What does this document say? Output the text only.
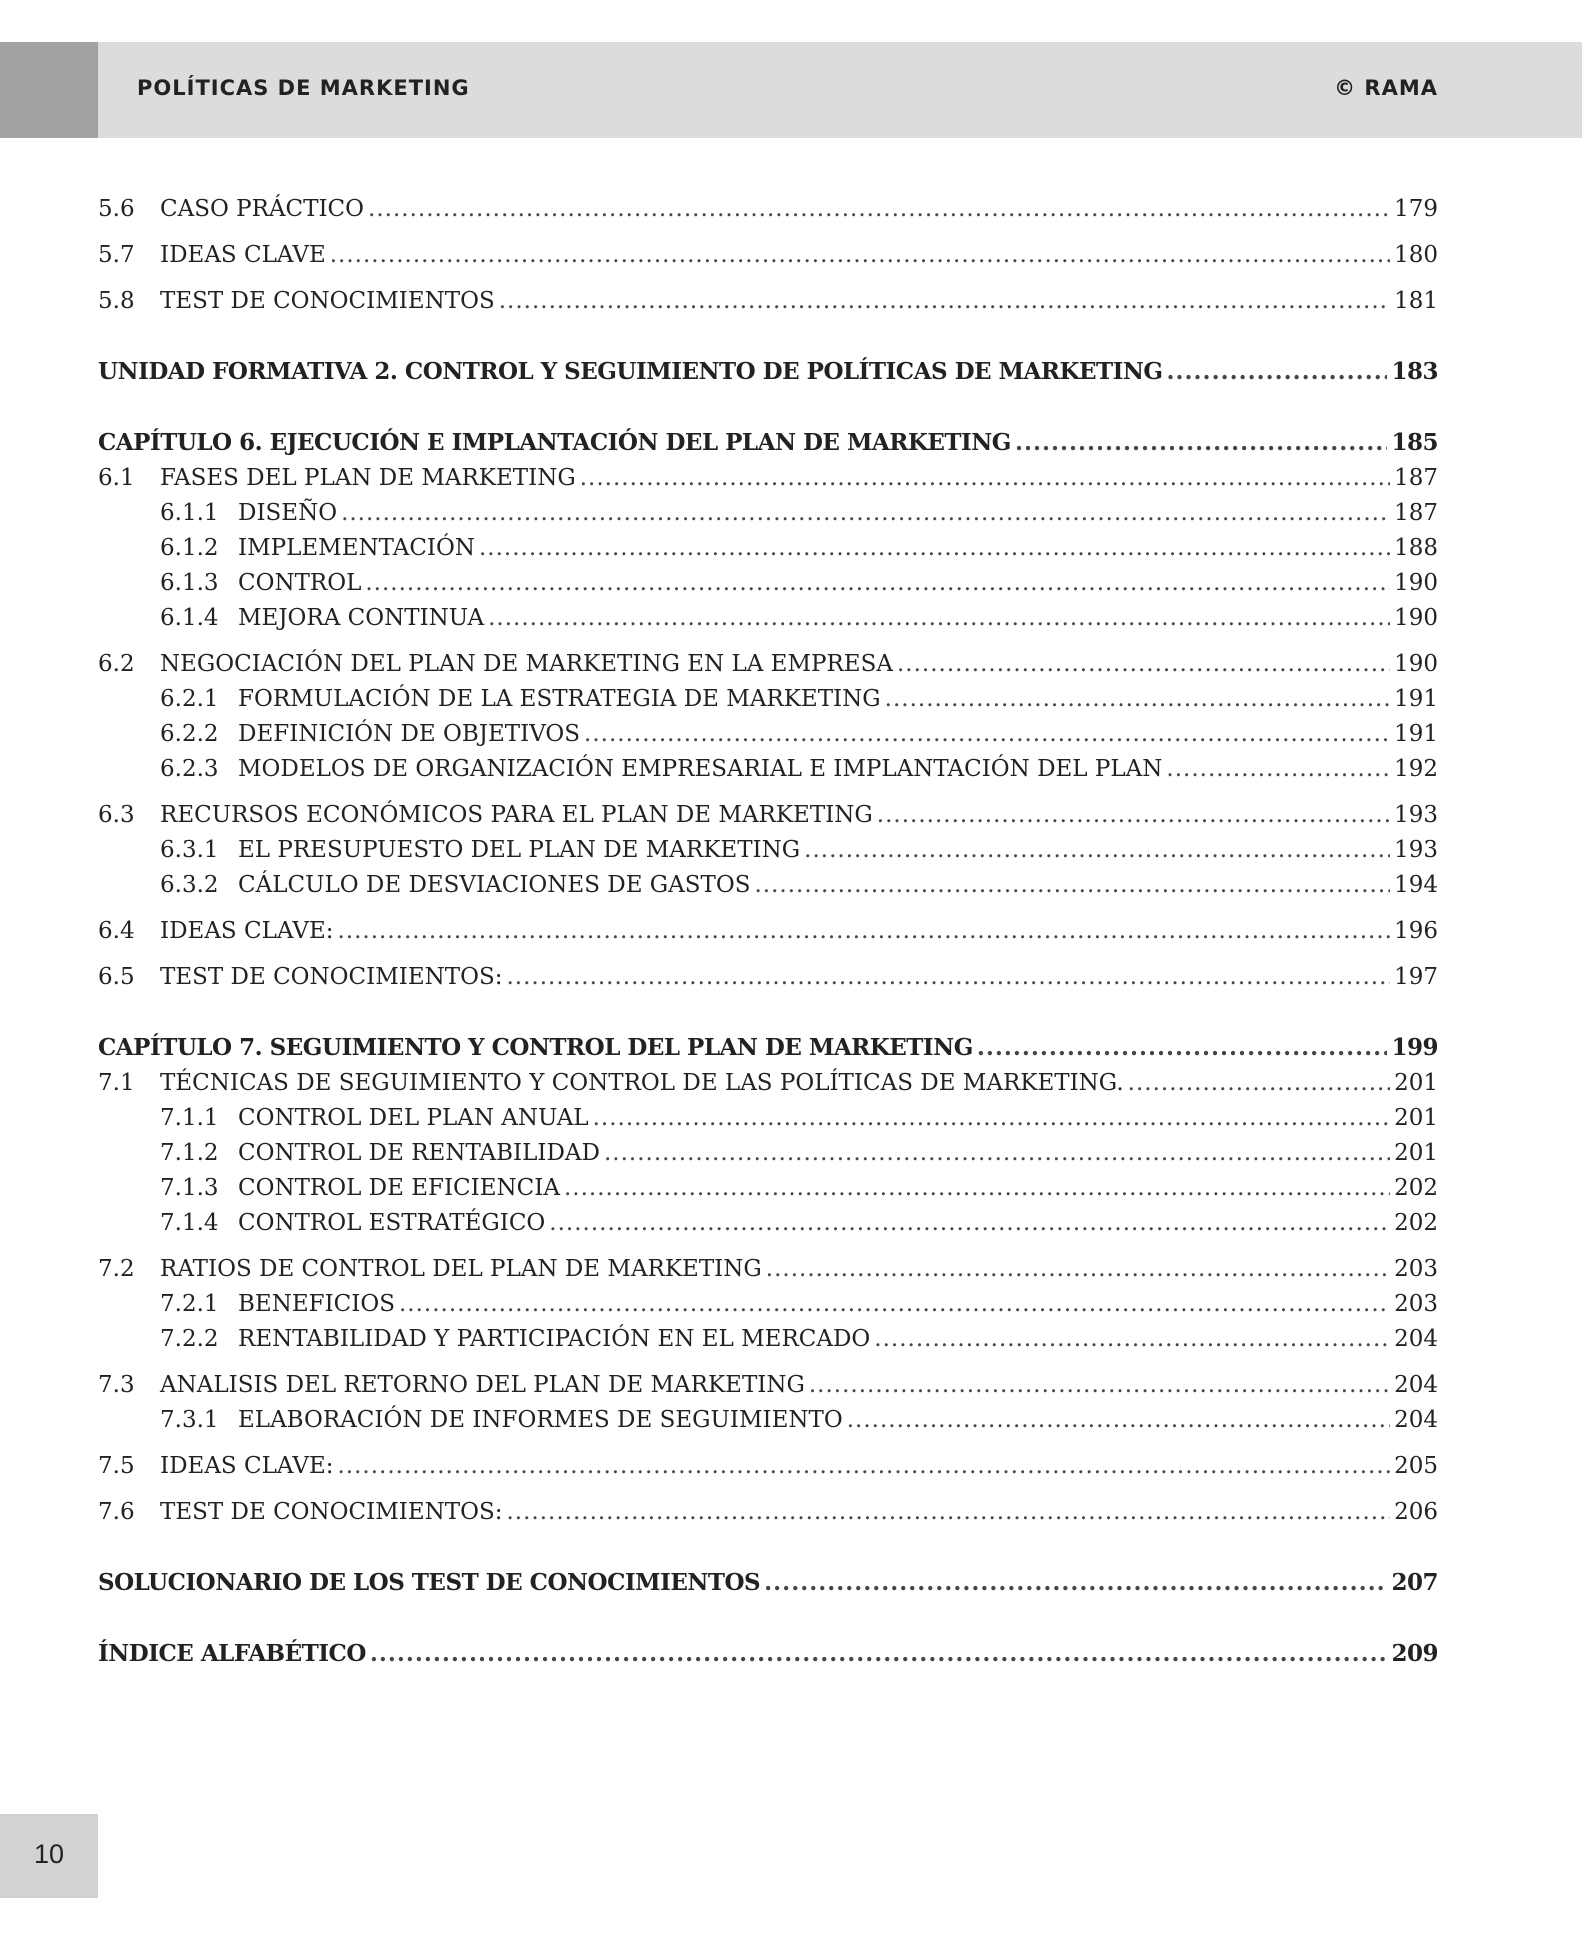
POLÍTICAS DE MARKETING	© RAMA
5.6	CASO PRÁCTICO .....	179
5.7	IDEAS CLAVE .....	180
5.8	TEST DE CONOCIMIENTOS .....	181
UNIDAD FORMATIVA 2. CONTROL Y SEGUIMIENTO DE POLÍTICAS DE MARKETING .....	183
CAPÍTULO 6. EJECUCIÓN E IMPLANTACIÓN DEL PLAN DE MARKETING .....	185
6.1	FASES DEL PLAN DE MARKETING .....	187
6.1.1 DISEÑO .....	187
6.1.2 IMPLEMENTACIÓN .....	188
6.1.3 CONTROL .....	190
6.1.4 MEJORA CONTINUA .....	190
6.2	NEGOCIACIÓN DEL PLAN DE MARKETING EN LA EMPRESA .....	190
6.2.1 FORMULACIÓN DE LA ESTRATEGIA DE MARKETING .....	191
6.2.2 DEFINICIÓN DE OBJETIVOS .....	191
6.2.3 MODELOS DE ORGANIZACIÓN EMPRESARIAL E IMPLANTACIÓN DEL PLAN .....	192
6.3	RECURSOS ECONÓMICOS PARA EL PLAN DE MARKETING .....	193
6.3.1 EL PRESUPUESTO DEL PLAN DE MARKETING .....	193
6.3.2 CÁLCULO DE DESVIACIONES DE GASTOS .....	194
6.4	IDEAS CLAVE: .....	196
6.5	TEST DE CONOCIMIENTOS: .....	197
CAPÍTULO 7. SEGUIMIENTO Y CONTROL DEL PLAN DE MARKETING .....	199
7.1	TÉCNICAS DE SEGUIMIENTO Y CONTROL DE LAS POLÍTICAS DE MARKETING. .....	201
7.1.1 CONTROL DEL PLAN ANUAL .....	201
7.1.2 CONTROL DE RENTABILIDAD .....	201
7.1.3 CONTROL DE EFICIENCIA .....	202
7.1.4 CONTROL ESTRATÉGICO .....	202
7.2	RATIOS DE CONTROL DEL PLAN DE MARKETING .....	203
7.2.1 BENEFICIOS .....	203
7.2.2 RENTABILIDAD Y PARTICIPACIÓN EN EL MERCADO .....	204
7.3	ANALISIS DEL RETORNO DEL PLAN DE MARKETING .....	204
7.3.1 ELABORACIÓN DE INFORMES DE SEGUIMIENTO .....	204
7.5	IDEAS CLAVE: .....	205
7.6	TEST DE CONOCIMIENTOS: .....	206
SOLUCIONARIO DE LOS TEST DE CONOCIMIENTOS .....	207
ÍNDICE ALFABÉTICO .....	209
10
